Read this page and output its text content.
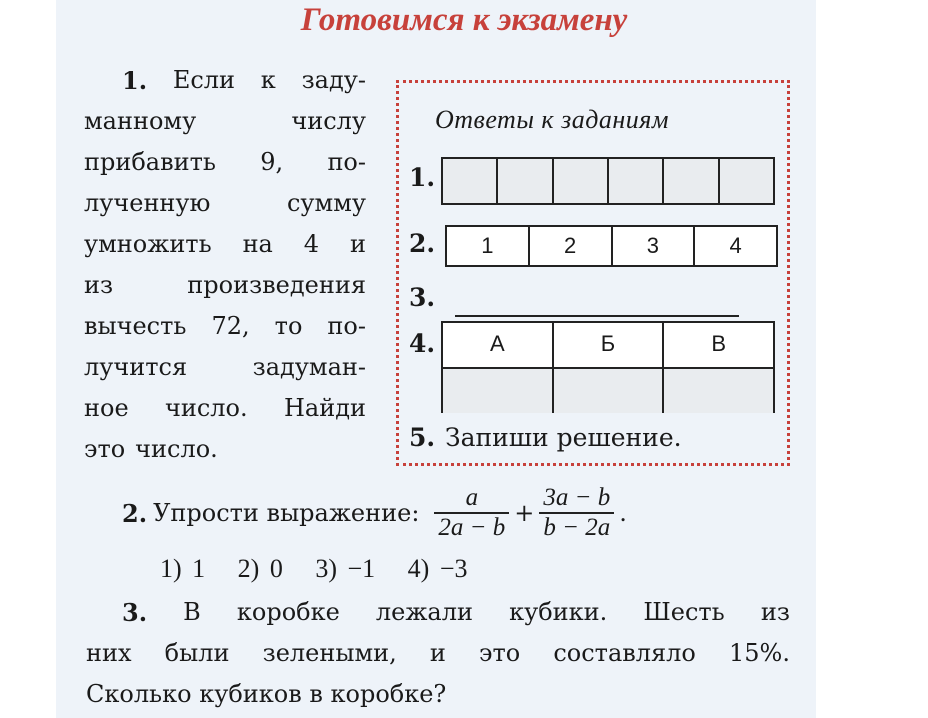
Готовимся к экзамену
1. Если к заду-
манному	числу
прибавить 9, по-
лученную	сумму
умножить на 4 и
из	произведения
вычесть 72, то по-
лучится	задуман-
ное число. Найди
это число.
Ответы к заданиям
1.
2.	1	2	3	4
3.
4.	А	Б	В
5. Запиши решение.
2. Упрости выражение: $\frac{a}{2a - b} + \frac{3a - b}{b - 2a}$ .
1) 1 2) 0 3) −1 4) −3
3. В коробке лежали кубики. Шесть из
них были зелеными, и это составляло 15%.
Сколько кубиков в коробке?
